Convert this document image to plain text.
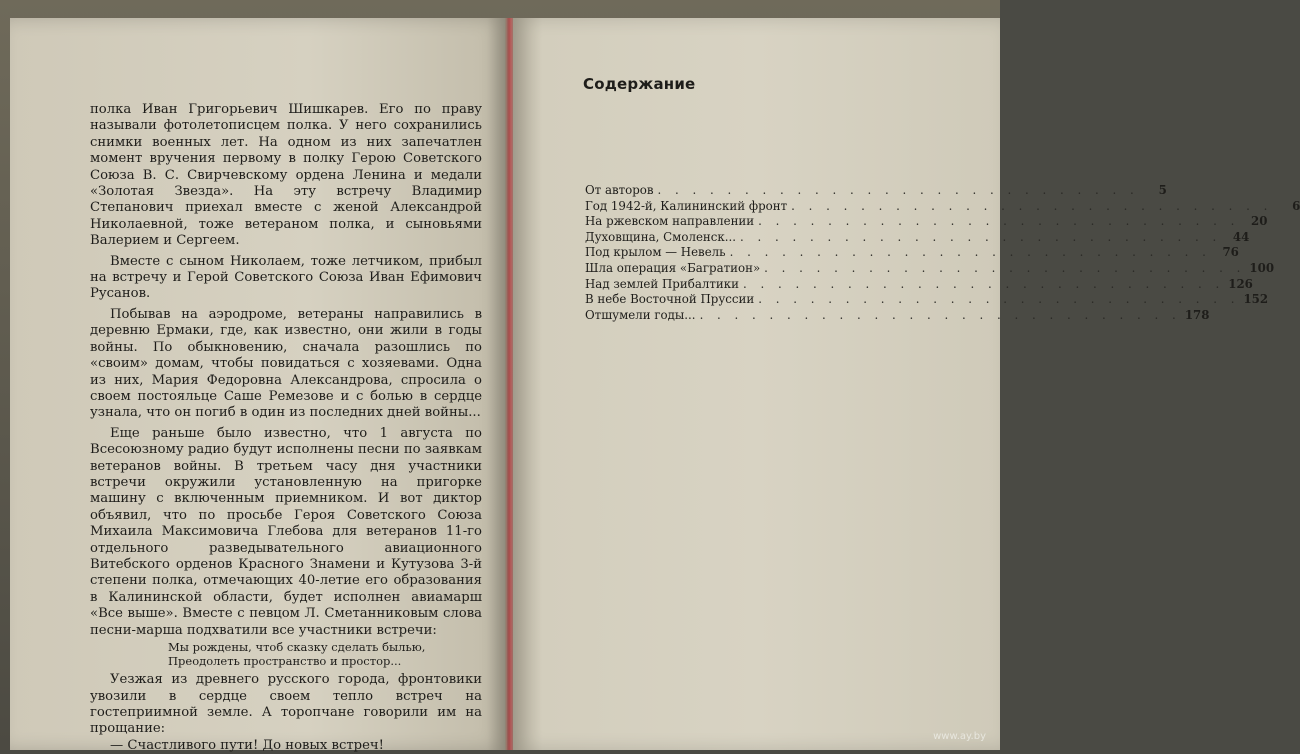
полка Иван Григорьевич Шишкарев. Его по праву называли фотолетописцем полка. У него сохранились снимки военных лет. На одном из них запечатлен момент вручения первому в полку Герою Советского Союза В. С. Свирчевскому ордена Ленина и медали «Золотая Звезда». На эту встречу Владимир Степанович приехал вместе с женой Александрой Николаевной, тоже ветераном полка, и сыновьями Валерием и Сергеем.

Вместе с сыном Николаем, тоже летчиком, прибыл на встречу и Герой Советского Союза Иван Ефимович Русанов.

Побывав на аэродроме, ветераны направились в деревню Ермаки, где, как известно, они жили в годы войны. По обыкновению, сначала разошлись по «своим» домам, чтобы повидаться с хозяевами. Одна из них, Мария Федоровна Александрова, спросила о своем постояльце Саше Ремезове и с болью в сердце узнала, что он погиб в один из последних дней войны...

Еще раньше было известно, что 1 августа по Всесоюзному радио будут исполнены песни по заявкам ветеранов войны. В третьем часу дня участники встречи окружили установленную на пригорке машину с включенным приемником. И вот диктор объявил, что по просьбе Героя Советского Союза Михаила Максимовича Глебова для ветеранов 11-го отдельного разведывательного авиационного Витебского орденов Красного Знамени и Кутузова 3-й степени полка, отмечающих 40-летие его образования в Калининской области, будет исполнен авиамарш «Все выше». Вместе с певцом Л. Сметанниковым слова песни-марша подхватили все участники встречи:

Мы рождены, чтоб сказку сделать былью,
Преодолеть пространство и простор...

Уезжая из древнего русского города, фронтовики увозили в сердце своем тепло встреч на гостеприимной земле. А торопчане говорили им на прощание:

— Счастливого пути! До новых встреч!

Содержание
От авторов . . . . . . . . . . . . . . . . . . . . . . . . . . . .	5
Год 1942-й, Калининский фронт . . . . . . . . . . . . . . . . . . . . . . . . . . . .	6
На ржевском направлении . . . . . . . . . . . . . . . . . . . . . . . . . . . . 20
Духовщина, Смоленск... . . . . . . . . . . . . . . . . . . . . . . . . . . . . 44
Под крылом — Невель . . . . . . . . . . . . . . . . . . . . . . . . . . . . 76
Шла операция «Багратион» . . . . . . . . . . . . . . . . . . . . . . . . . . . . 100
Над землей Прибалтики . . . . . . . . . . . . . . . . . . . . . . . . . . . . 126
В небе Восточной Пруссии . . . . . . . . . . . . . . . . . . . . . . . . . . . . 152
Отшумели годы... . . . . . . . . . . . . . . . . . . . . . . . . . . . . 178
www.ay.by
